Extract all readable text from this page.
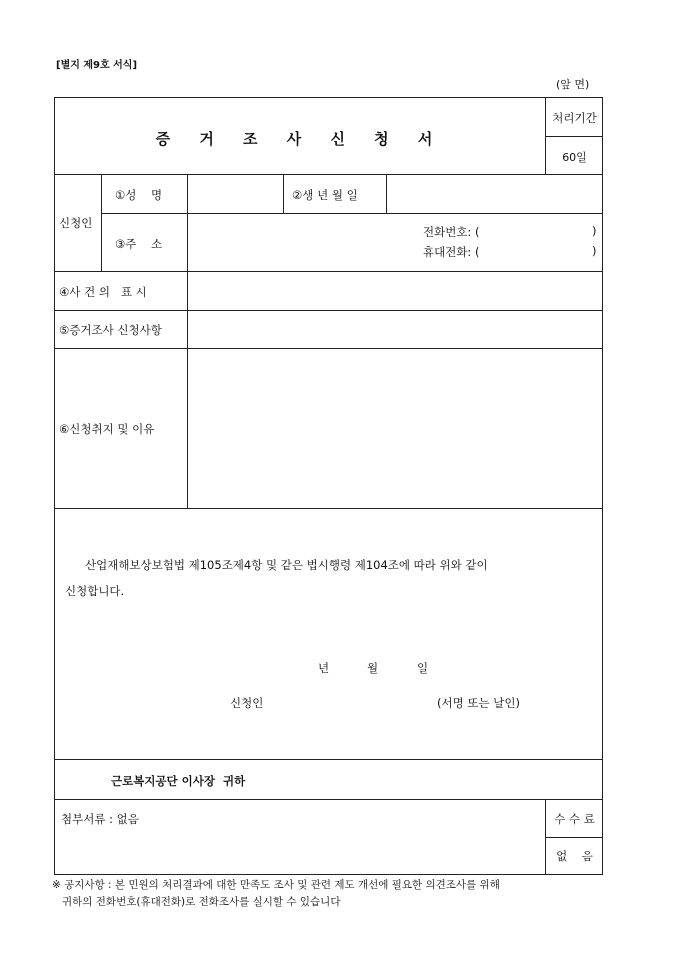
[별지 제9호 서식]
(앞 면)
증 거 조 사 신 청 서
처리기간
60일
신청인
①성    명	②생 년 월 일
③주    소
전화번호: (	)
휴대전화: (	)
④사 건 의   표 시
⑤증거조사 신청사항
⑥신청취지 및 이유
산업재해보상보험법 제105조제4항 및 같은 법시행령 제104조에 따라 위와 같이
신청합니다.
년	월	일
신청인	(서명 또는 날인)
근로복지공단 이사장  귀하
첨부서류 : 없음	수 수 료
없    음
※ 공지사항 : 본 민원의 처리결과에 대한 만족도 조사 및 관련 제도 개선에 필요한 의견조사를 위해
귀하의 전화번호(휴대전화)로 전화조사를 실시할 수 있습니다
